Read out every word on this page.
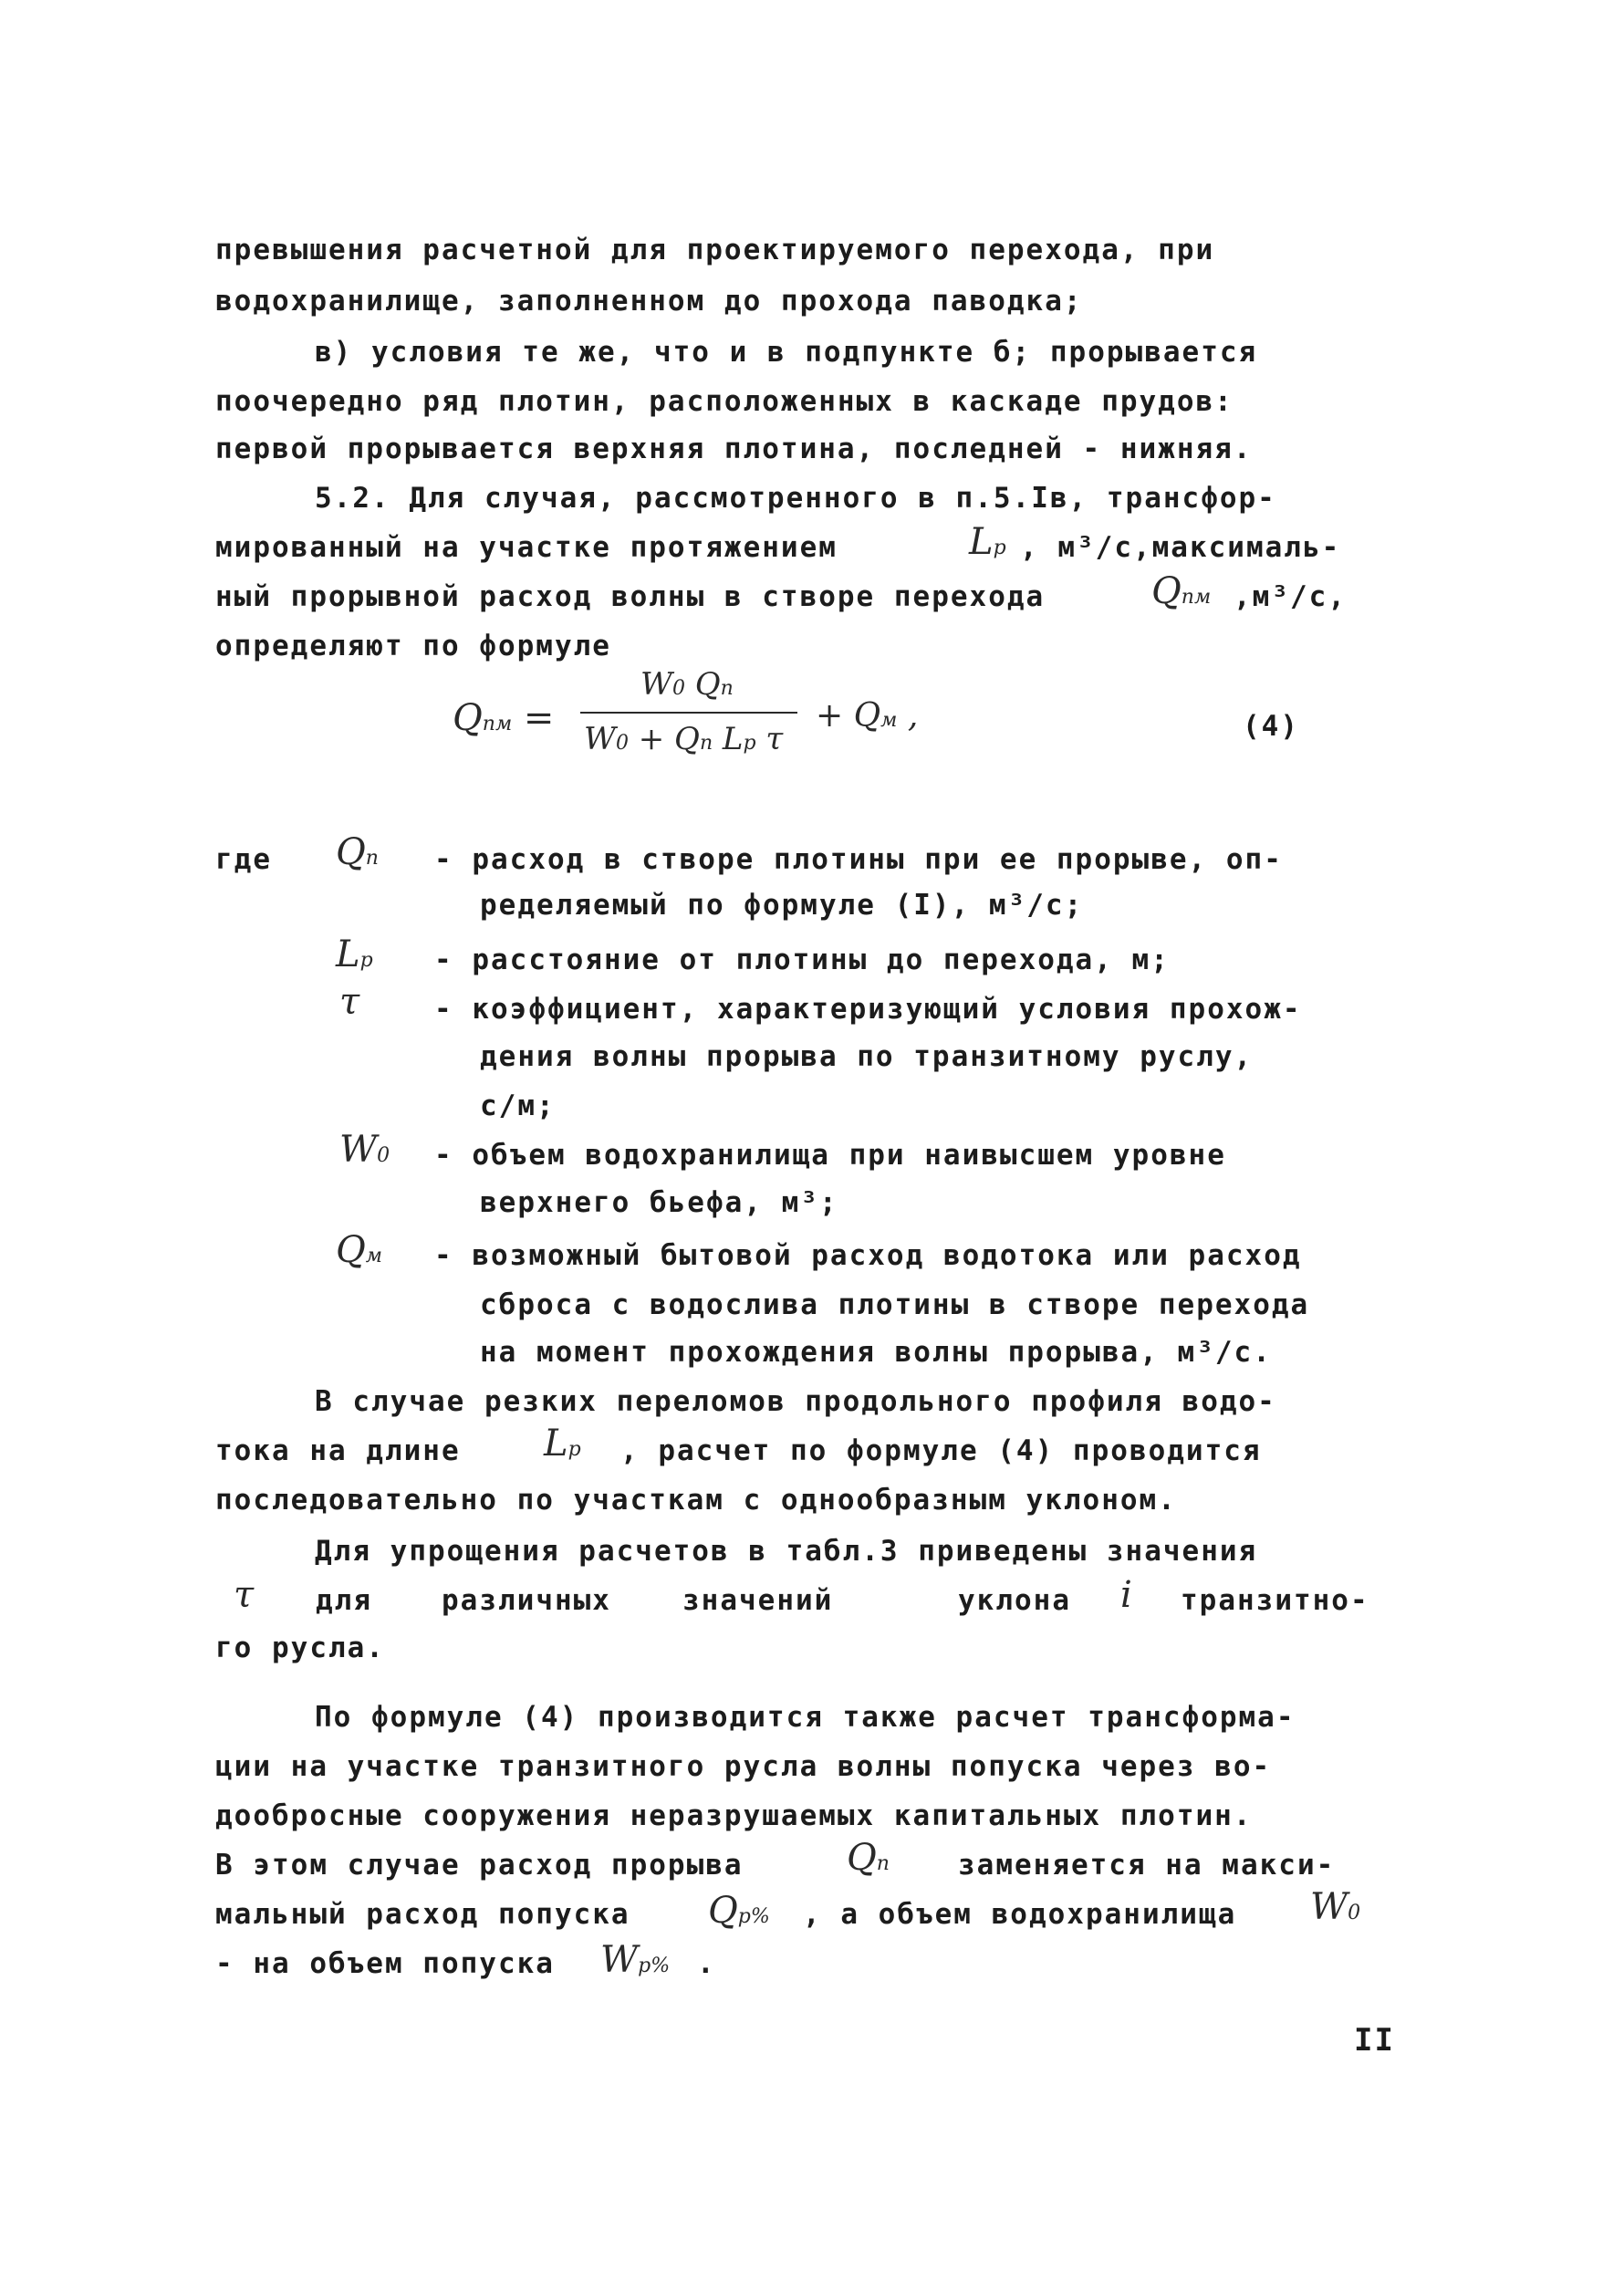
превышения расчетной для проектируемого перехода, при
водохранилище, заполненном до прохода паводка;
в) условия те же, что и в подпункте б; прорывается
поочередно ряд плотин, расположенных в каскаде прудов:
первой прорывается верхняя плотина, последней - нижняя.
5.2. Для случая, рассмотренного в п.5.Iв, трансфор-
мированный на участке протяжением	Lp , м³/с,максималь-
ный прорывной расход волны в створе перехода	Qпм ,м³/с,
определяют по формуле
Qпм =
W0 Qп
W0 + Qп Lp τ
+ Qм ,	(4)
где Qп - расход в створе плотины при ее прорыве, оп-
ределяемый по формуле (I), м³/с;
Lp - расстояние от плотины до перехода, м;
τ	- коэффициент, характеризующий условия прохож-
дения волны прорыва по транзитному руслу,
с/м;
W0 - объем водохранилища при наивысшем уровне
верхнего бьефа, м³;
Qм - возможный бытовой расход водотока или расход
сброса с водослива плотины в створе перехода
на момент прохождения волны прорыва, м³/с.
В случае резких переломов продольного профиля водо-
тока на длине Lp , расчет по формуле (4) проводится
последовательно по участкам с однообразным уклоном.
Для упрощения расчетов в табл.3 приведены значения
τ для различных	значений	уклона i транзитно-
го русла.
По формуле (4) производится также расчет трансформа-
ции на участке транзитного русла волны попуска через во-
дообросные сооружения неразрушаемых капитальных плотин.
В этом случае расход прорыва	Qп заменяется на макси-
мальный расход попуска Qp% , а объем водохранилища W0
- на объем попуска Wp% .
II
